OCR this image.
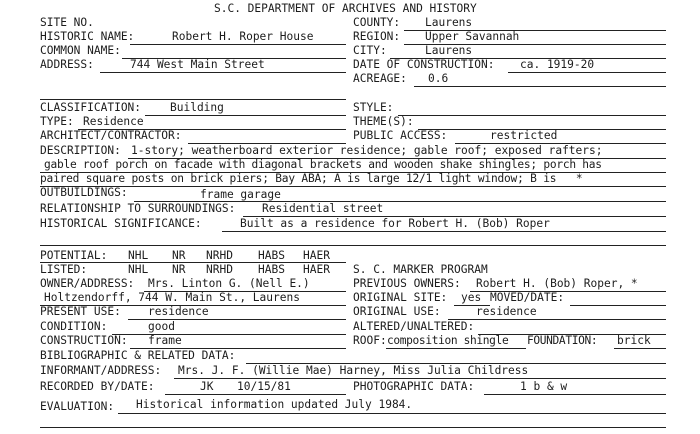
S.C. DEPARTMENT OF ARCHIVES AND HISTORY
SITE NO.	COUNTY: Laurens
HISTORIC NAME:	Robert H. Roper House	REGION: Upper Savannah
COMMON NAME:	CITY:	Laurens
ADDRESS:	744 West Main Street	DATE OF CONSTRUCTION: ca. 1919-20
ACREAGE: 0.6
CLASSIFICATION:	Building	STYLE:
TYPE: Residence	THEME(S):
ARCHITECT/CONTRACTOR:	PUBLIC ACCESS:	restricted
DESCRIPTION: 1-story; weatherboard exterior residence; gable roof; exposed rafters;
gable roof porch on facade with diagonal brackets and wooden shake shingles; porch has
paired square posts on brick piers; Bay ABA; A is large 12/1 light window; B is   *
OUTBUILDINGS:	frame garage
RELATIONSHIP TO SURROUNDINGS: Residential street
HISTORICAL SIGNIFICANCE:	Built as a residence for Robert H. (Bob) Roper
POTENTIAL: NHL NR NRHD HABS HAER
LISTED:	NHL NR NRHD HABS HAER S. C. MARKER PROGRAM
OWNER/ADDRESS: Mrs. Linton G. (Nell E.)	PREVIOUS OWNERS: Robert H. (Bob) Roper, *
Holtzendorff, 744 W. Main St., Laurens	ORIGINAL SITE: yes MOVED/DATE:
PRESENT USE: residence	ORIGINAL USE:	residence
CONDITION:	good	ALTERED/UNALTERED:
CONSTRUCTION: frame	ROOF: composition shingle FOUNDATION: brick
BIBLIOGRAPHIC & RELATED DATA:
INFORMANT/ADDRESS: Mrs. J. F. (Willie Mae) Harney, Miss Julia Childress
RECORDED BY/DATE:	JK 10/15/81	PHOTOGRAPHIC DATA:	1 b & w
EVALUATION: Historical information updated July 1984.
